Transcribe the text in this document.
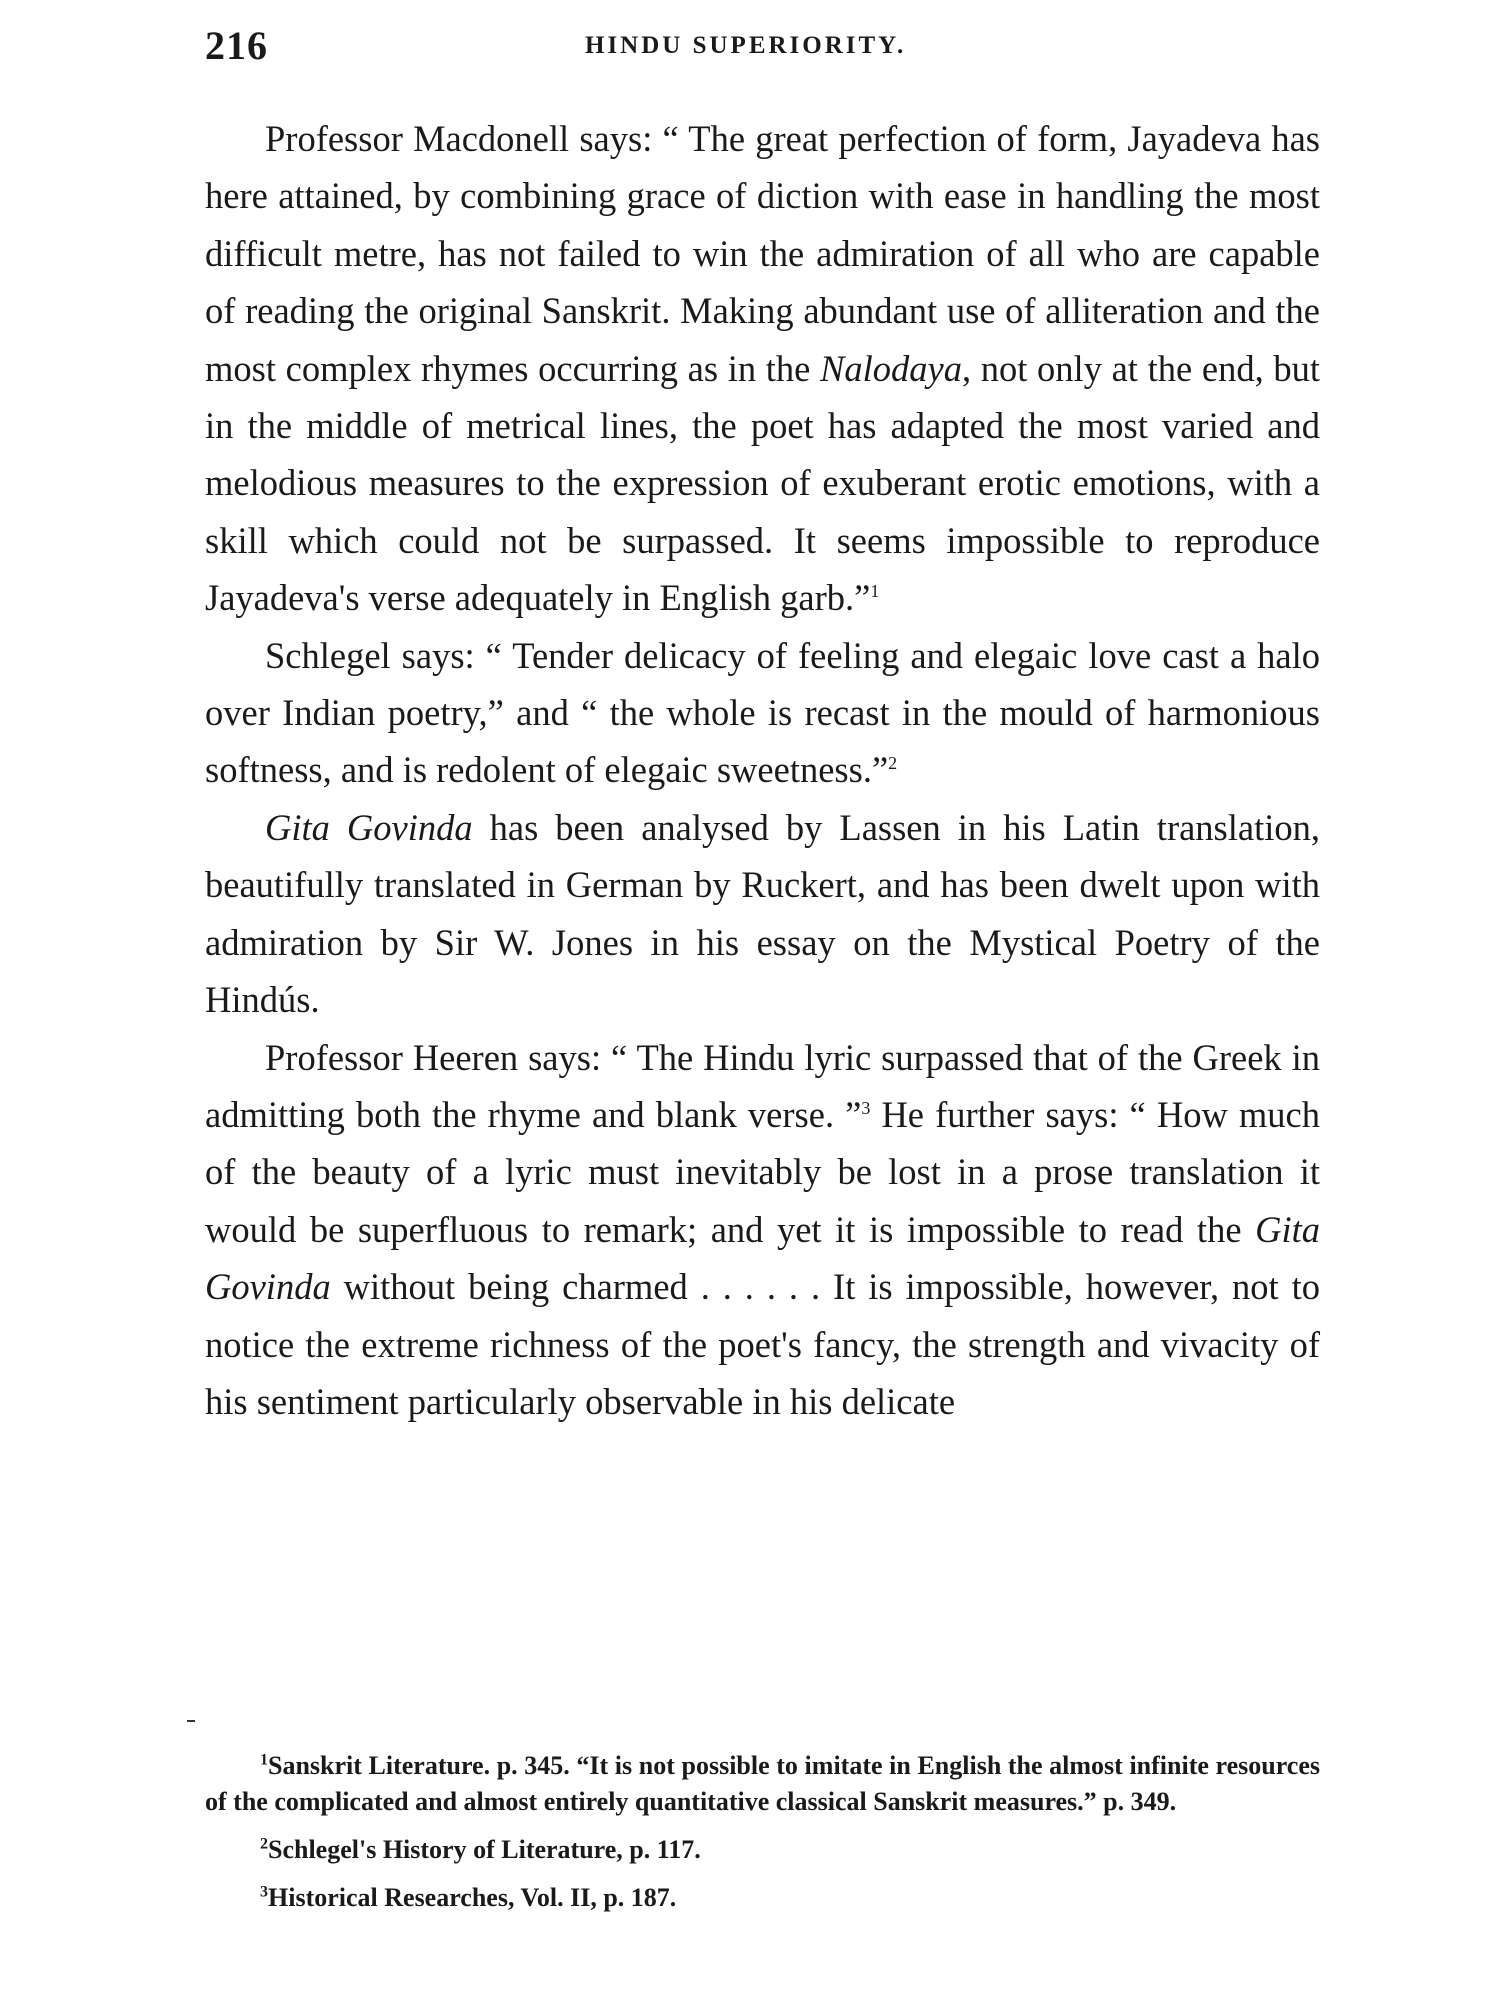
216	HINDU SUPERIORITY.

Professor Macdonell says: “ The great perfection of form, Jayadeva has here attained, by combining grace of diction with ease in handling the most difficult metre, has not failed to win the admiration of all who are capable of reading the original Sanskrit. Making abundant use of alliteration and the most complex rhymes occurring as in the Nalodaya, not only at the end, but in the middle of metrical lines, the poet has adapted the most varied and melodious measures to the expression of exuberant erotic emotions, with a skill which could not be surpassed. It seems impossible to reproduce Jayadeva's verse adequately in English garb.”$^1$

Schlegel says: “ Tender delicacy of feeling and elegaic love cast a halo over Indian poetry,” and “ the whole is recast in the mould of harmonious softness, and is redolent of elegaic sweetness.”$^2$

Gita Govinda has been analysed by Lassen in his Latin translation, beautifully translated in German by Ruckert, and has been dwelt upon with admiration by Sir W. Jones in his essay on the Mystical Poetry of the Hindús.

Professor Heeren says: “ The Hindu lyric surpassed that of the Greek in admitting both the rhyme and blank verse. ”$^3$ He further says: “ How much of the beauty of a lyric must inevitably be lost in a prose translation it would be superfluous to remark; and yet it is impossible to read the Gita Govinda without being charmed . . . . . . It is impossible, however, not to notice the extreme richness of the poet's fancy, the strength and vivacity of his sentiment particularly observable in his delicate

$^1$Sanskrit Literature. p. 345. “It is not possible to imitate in English the almost infinite resources of the complicated and almost entirely quantitative classical Sanskrit measures.” p. 349.

$^2$Schlegel's History of Literature, p. 117.

$^3$Historical Researches, Vol. II, p. 187.
